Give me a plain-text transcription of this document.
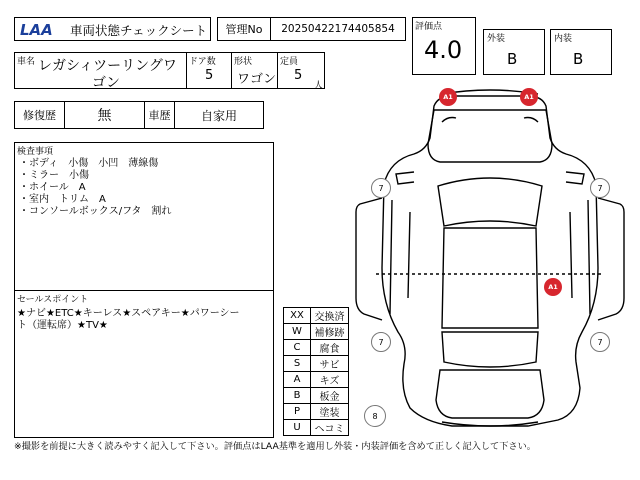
LAA 車両状態チェックシート	管理No	20250422174405854	評価点
4.0	外装
B
内装
B
車名 レガシィツーリングワ
ゴン
ドア数
5
形状
ワゴン
定員
5
人
修復歴	無	車歴	自家用
検査事項
・ボディ　小傷　小凹　薄線傷
・ミラー　小傷
・ホイール　A
・室内　トリム　A
・コンソールボックス/フタ　割れ
セールスポイント
★ナビ★ETC★キーレス★スペアキー★パワーシー
ト（運転席）★TV★
XX	交換済
W	補修跡
C	腐食
S	サビ
A	キズ
B	板金
P	塗装
U	ヘコミ
7	7
7	7
8
A1	A1
A1
※撮影を前提に大きく読みやすく記入して下さい。評価点はLAA基準を適用し外装・内装評価を含めて正しく記入して下さい。
